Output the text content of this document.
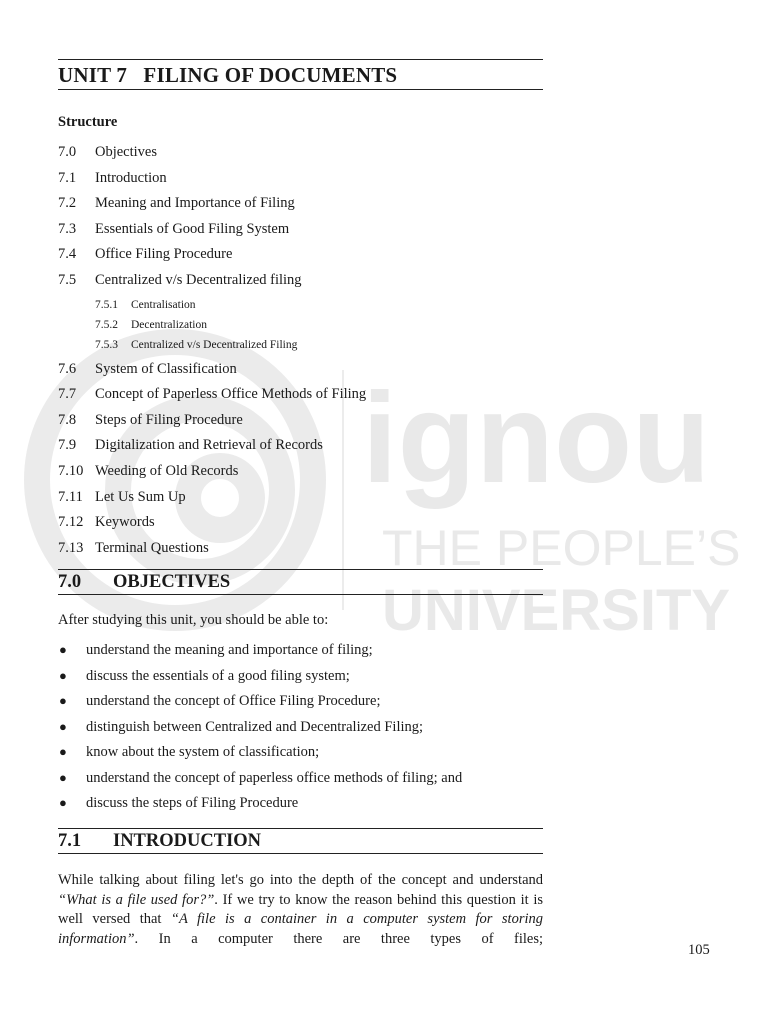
ignou
THE PEOPLE’S
UNIVERSITY
UNIT 7   FILING OF DOCUMENTS
Structure
7.0	Objectives
7.1	Introduction
7.2	Meaning and Importance of Filing
7.3	Essentials of Good Filing System
7.4	Office Filing Procedure
7.5	Centralized v/s Decentralized filing
7.5.1	Centralisation
7.5.2	Decentralization
7.5.3	Centralized v/s Decentralized Filing
7.6	System of Classification
7.7	Concept of Paperless Office Methods of Filing
7.8	Steps of Filing Procedure
7.9	Digitalization and Retrieval of Records
7.10 Weeding of Old Records
7.11 Let Us Sum Up
7.12 Keywords
7.13 Terminal Questions
7.0	OBJECTIVES
After studying this unit, you should be able to:
●	understand the meaning and importance of filing;
●	discuss the essentials of a good filing system;
●	understand the concept of Office Filing Procedure;
●	distinguish between Centralized and Decentralized Filing;
●	know about the system of classification;
●	understand the concept of paperless office methods of filing; and
●	discuss the steps of Filing Procedure
7.1	INTRODUCTION
While talking about filing let's go into the depth of the concept and understand “What is a file used for?”. If we try to know the reason behind this question it is well versed that “A file is a container in a computer system for storing information”. In a computer there are three types of files;
105
